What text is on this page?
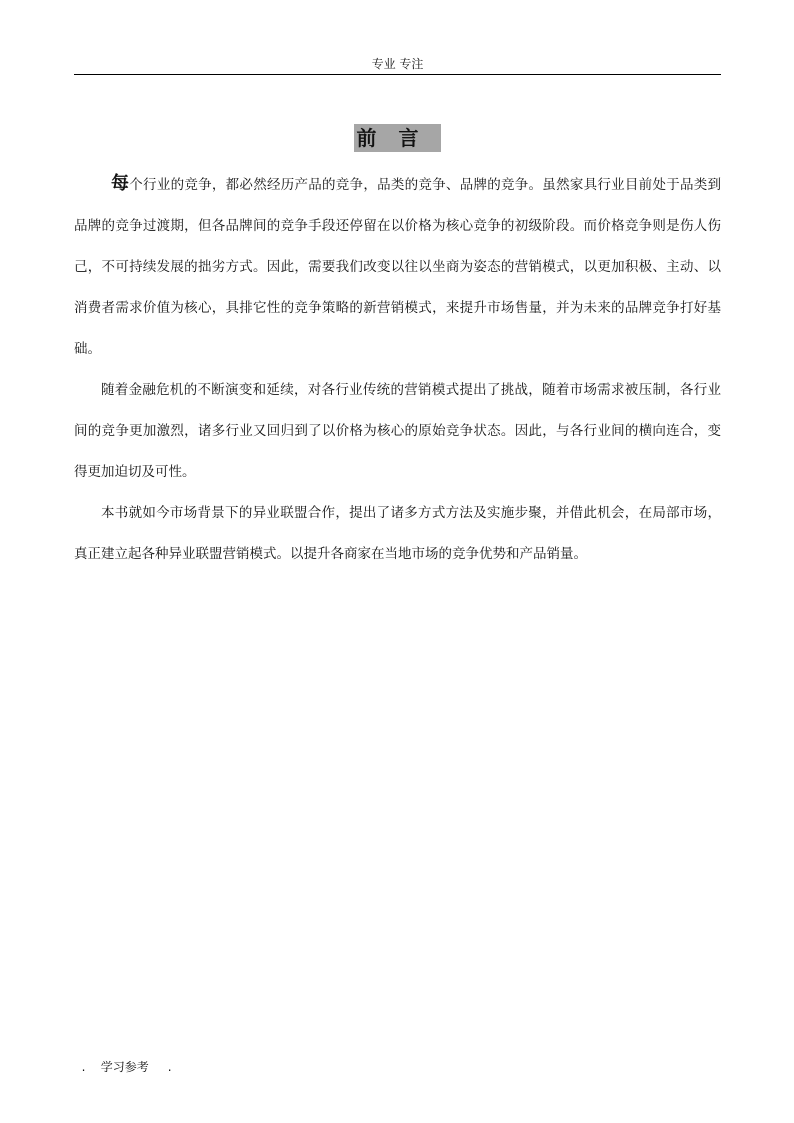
专业 专注
前言

每个行业的竞争，都必然经历产品的竞争，品类的竞争、品牌的竞争。虽然家具行业目前处于品类到品牌的竞争过渡期，但各品牌间的竞争手段还停留在以价格为核心竞争的初级阶段。而价格竞争则是伤人伤己，不可持续发展的拙劣方式。因此，需要我们改变以往以坐商为姿态的营销模式，以更加积极、主动、以消费者需求价值为核心，具排它性的竞争策略的新营销模式，来提升市场售量，并为未来的品牌竞争打好基础。

随着金融危机的不断演变和延续，对各行业传统的营销模式提出了挑战，随着市场需求被压制，各行业间的竞争更加激烈，诸多行业又回归到了以价格为核心的原始竞争状态。因此，与各行业间的横向连合，变得更加迫切及可性。

本书就如今市场背景下的异业联盟合作，提出了诸多方式方法及实施步聚，并借此机会，在局部市场，真正建立起各种异业联盟营销模式。以提升各商家在当地市场的竞争优势和产品销量。

.    学习参考     .
